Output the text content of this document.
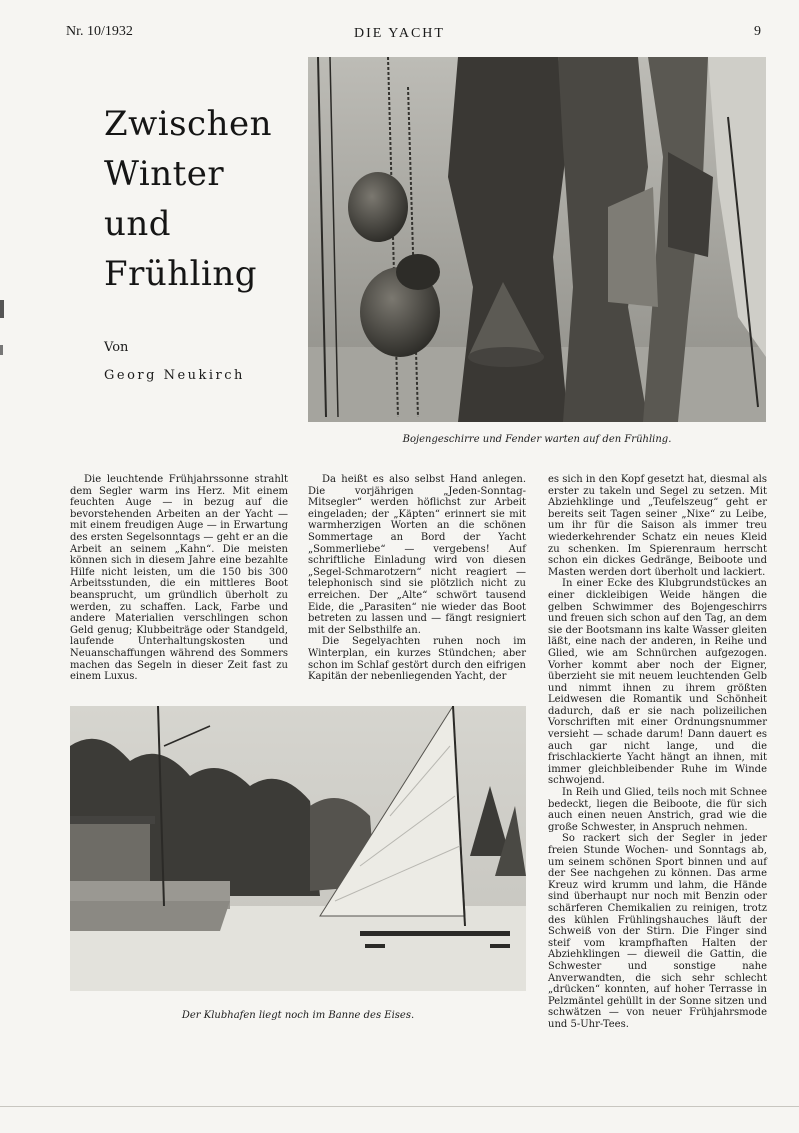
Nr. 10/1932	DIE YACHT	9
Zwischen
Winter
und
Frühling
Von
Georg Neukirch
Bojengeschirre und Fender warten auf den Frühling.

Die leuchtende Frühjahrssonne strahlt dem Segler warm ins Herz. Mit einem feuchten Auge — in bezug auf die bevorstehenden Arbeiten an der Yacht — mit einem freudigen Auge — in Erwartung des ersten Segelsonntags — geht er an die Arbeit an seinem „Kahn“. Die meisten können sich in diesem Jahre eine bezahlte Hilfe nicht leisten, um die 150 bis 300 Arbeitsstunden, die ein mittleres Boot beansprucht, um gründlich überholt zu werden, zu schaffen. Lack, Farbe und andere Materialien verschlingen schon Geld genug; Klubbeiträge oder Standgeld, laufende Unterhaltungskosten und Neuanschaffungen während des Sommers machen das Segeln in dieser Zeit fast zu einem Luxus.

Da heißt es also selbst Hand anlegen. Die vorjährigen „Jeden-Sonntag-Mitsegler“ werden höflichst zur Arbeit eingeladen; der „Käpten“ erinnert sie mit warmherzigen Worten an die schönen Sommertage an Bord der Yacht „Sommerliebe“ — vergebens! Auf schriftliche Einladung wird von diesen „Segel-Schmarotzern“ nicht reagiert — telephonisch sind sie plötzlich nicht zu erreichen. Der „Alte“ schwört tausend Eide, die „Parasiten“ nie wieder das Boot betreten zu lassen und — fängt resigniert mit der Selbsthilfe an.

Die Segelyachten ruhen noch im Winterplan, ein kurzes Stündchen; aber schon im Schlaf gestört durch den eifrigen Kapitän der nebenliegenden Yacht, der

es sich in den Kopf gesetzt hat, diesmal als erster zu takeln und Segel zu setzen. Mit Abziehklinge und „Teufelszeug“ geht er bereits seit Tagen seiner „Nixe“ zu Leibe, um ihr für die Saison als immer treu wiederkehrender Schatz ein neues Kleid zu schenken. Im Spierenraum herrscht schon ein dickes Gedränge, Beiboote und Masten werden dort überholt und lackiert.

In einer Ecke des Klubgrundstückes an einer dickleibigen Weide hängen die gelben Schwimmer des Bojengeschirrs und freuen sich schon auf den Tag, an dem sie der Bootsmann ins kalte Wasser gleiten läßt, eine nach der anderen, in Reihe und Glied, wie am Schnürchen aufgezogen. Vorher kommt aber noch der Eigner, überzieht sie mit neuem leuchtenden Gelb und nimmt ihnen zu ihrem größten Leidwesen die Romantik und Schönheit dadurch, daß er sie nach polizeilichen Vorschriften mit einer Ordnungsnummer versieht — schade darum! Dann dauert es auch gar nicht lange, und die frischlackierte Yacht hängt an ihnen, mit immer gleichbleibender Ruhe im Winde schwojend.

In Reih und Glied, teils noch mit Schnee bedeckt, liegen die Beiboote, die für sich auch einen neuen Anstrich, grad wie die große Schwester, in Anspruch nehmen.

So rackert sich der Segler in jeder freien Stunde Wochen- und Sonntags ab, um seinem schönen Sport binnen und auf der See nachgehen zu können. Das arme Kreuz wird krumm und lahm, die Hände sind überhaupt nur noch mit Benzin oder schärferen Chemikalien zu reinigen, trotz des kühlen Frühlingshauches läuft der Schweiß von der Stirn. Die Finger sind steif vom krampfhaften Halten der Abziehklingen — dieweil die Gattin, die Schwester und sonstige nahe Anverwandten, die sich sehr schlecht „drücken“ konnten, auf hoher Terrasse in Pelzmäntel gehüllt in der Sonne sitzen und schwätzen — von neuer Frühjahrsmode und 5-Uhr-Tees.

Der Klubhafen liegt noch im Banne des Eises.
